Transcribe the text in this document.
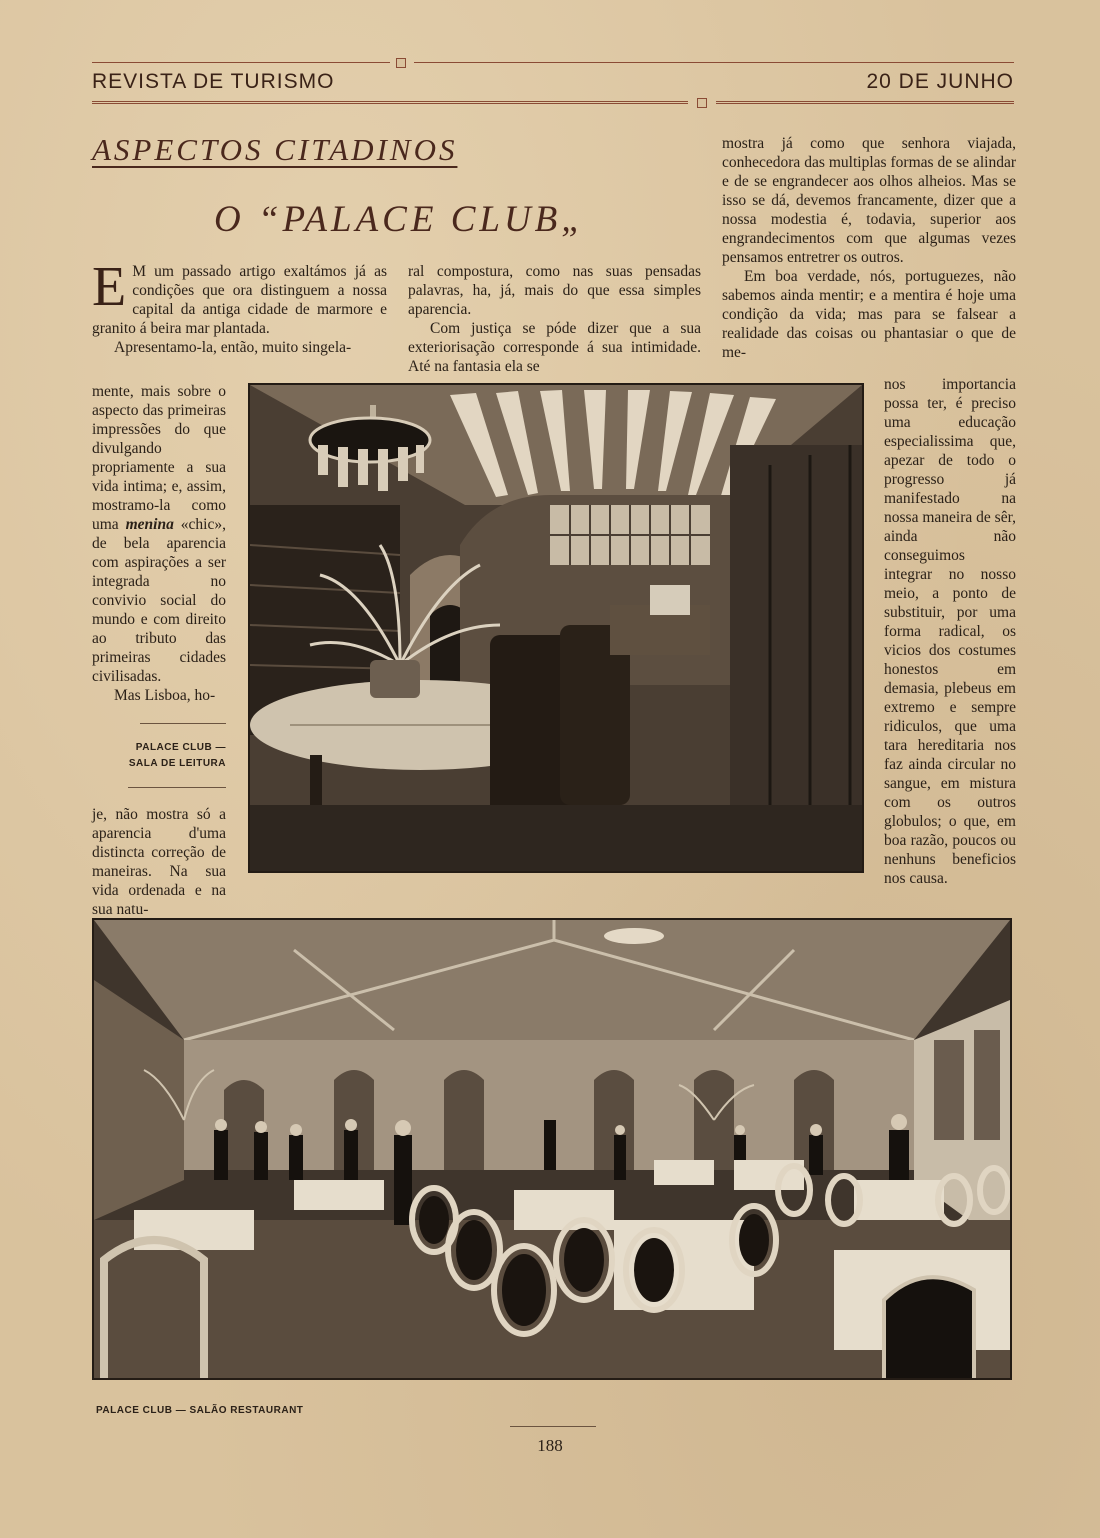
REVISTA DE TURISMO	20 DE JUNHO
ASPECTOS CITADINOS
O “PALACE CLUB„

E M um passado artigo exaltámos já as condições que ora distinguem a nossa capital da antiga cidade de marmore e granito á beira mar plantada.

Apresentamo-la, então, muito singela-

mente, mais sobre o aspecto das primeiras impressões do que divulgando propriamente a sua vida intima; e, assim, mostramo-la como uma menina «chic», de bela aparencia com aspirações a ser integrada no convivio social do mundo e com direito ao tributo das primeiras cidades civilisadas.

Mas Lisboa, ho-

PALACE CLUB —
SALA DE LEITURA

je, não mostra só a aparencia d'uma distincta correção de maneiras. Na sua vida ordenada e na sua natu-

ral compostura, como nas suas pensadas palavras, ha, já, mais do que essa simples aparencia.

Com justiça se póde dizer que a sua exteriorisação corresponde á sua intimidade. Até na fantasia ela se

mostra já como que senhora viajada, conhecedora das multiplas formas de se alindar e de se engrandecer aos olhos alheios. Mas se isso se dá, devemos francamente, dizer que a nossa modestia é, todavia, superior aos engrandecimentos com que algumas vezes pensamos entretrer os outros.

Em boa verdade, nós, portuguezes, não sabemos ainda mentir; e a mentira é hoje uma condição da vida; mas para se falsear a realidade das coisas ou phantasiar o que de me-

nos importancia possa ter, é preciso uma educação especialissima que, apezar de todo o progresso já manifestado na nossa maneira de sêr, ainda não conseguimos integrar no nosso meio, a ponto de substituir, por uma forma radical, os vicios dos costumes honestos em demasia, plebeus em extremo e sempre ridiculos, que uma tara hereditaria nos faz ainda circular no sangue, em mistura com os outros globulos; o que, em boa razão, poucos ou nenhuns beneficios nos causa.

PALACE CLUB — SALÃO RESTAURANT
188
